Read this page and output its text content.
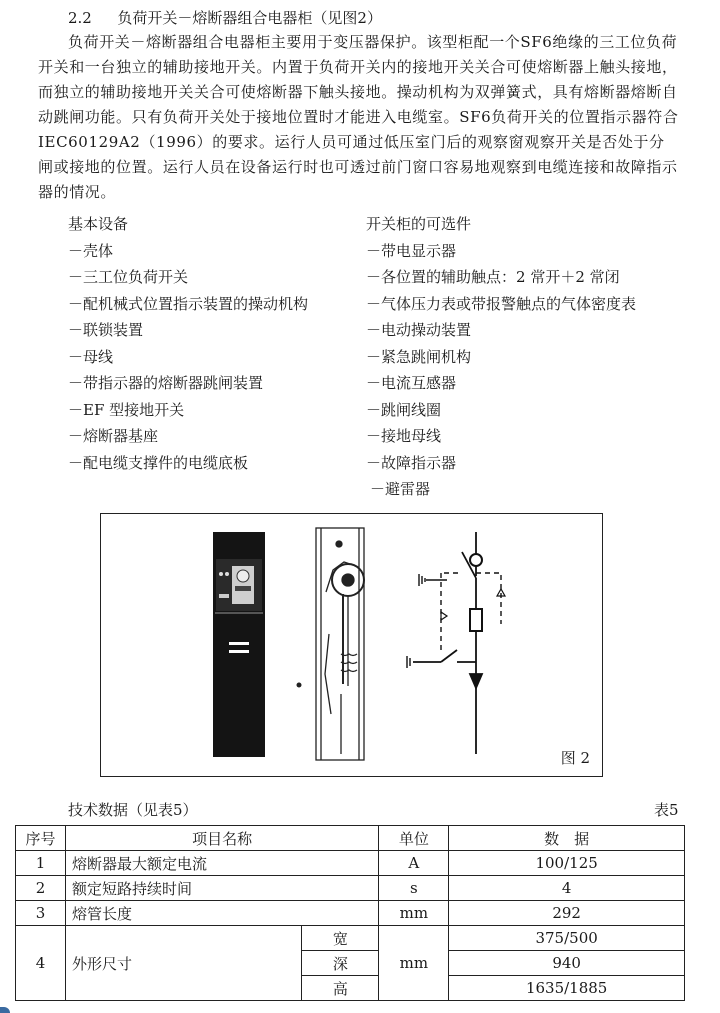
2.2 负荷开关－熔断器组合电器柜（见图2）
负荷开关－熔断器组合电器柜主要用于变压器保护。该型柜配一个SF6绝缘的三工位负荷开关和一台独立的辅助接地开关。内置于负荷开关内的接地开关关合可使熔断器上触头接地，而独立的辅助接地开关关合可使熔断器下触头接地。操动机构为双弹簧式，具有熔断器熔断自动跳闸功能。只有负荷开关处于接地位置时才能进入电缆室。SF6负荷开关的位置指示器符合IEC60129A2（1996）的要求。运行人员可通过低压室门后的观察窗观察开关是否处于分闸或接地的位置。运行人员在设备运行时也可透过前门窗口容易地观察到电缆连接和故障指示器的情况。
基本设备
－壳体
－三工位负荷开关
－配机械式位置指示装置的操动机构
－联锁装置
－母线
－带指示器的熔断器跳闸装置
－EF 型接地开关
－熔断器基座
－配电缆支撑件的电缆底板
开关柜的可选件
－带电显示器
－各位置的辅助触点：2 常开＋2 常闭
－气体压力表或带报警触点的气体密度表
－电动操动装置
－紧急跳闸机构
－电流互感器
－跳闸线圈
－接地母线
－故障指示器
－避雷器
图 2
技术数据（见表5）	表5
序号	项目名称		单位	数　据
1	熔断器最大额定电流		A	100/125
2	额定短路持续时间		s	4
3	熔管长度		mm	292
4	外形尺寸	宽	mm	375/500
		深		940
		高		1635/1885
